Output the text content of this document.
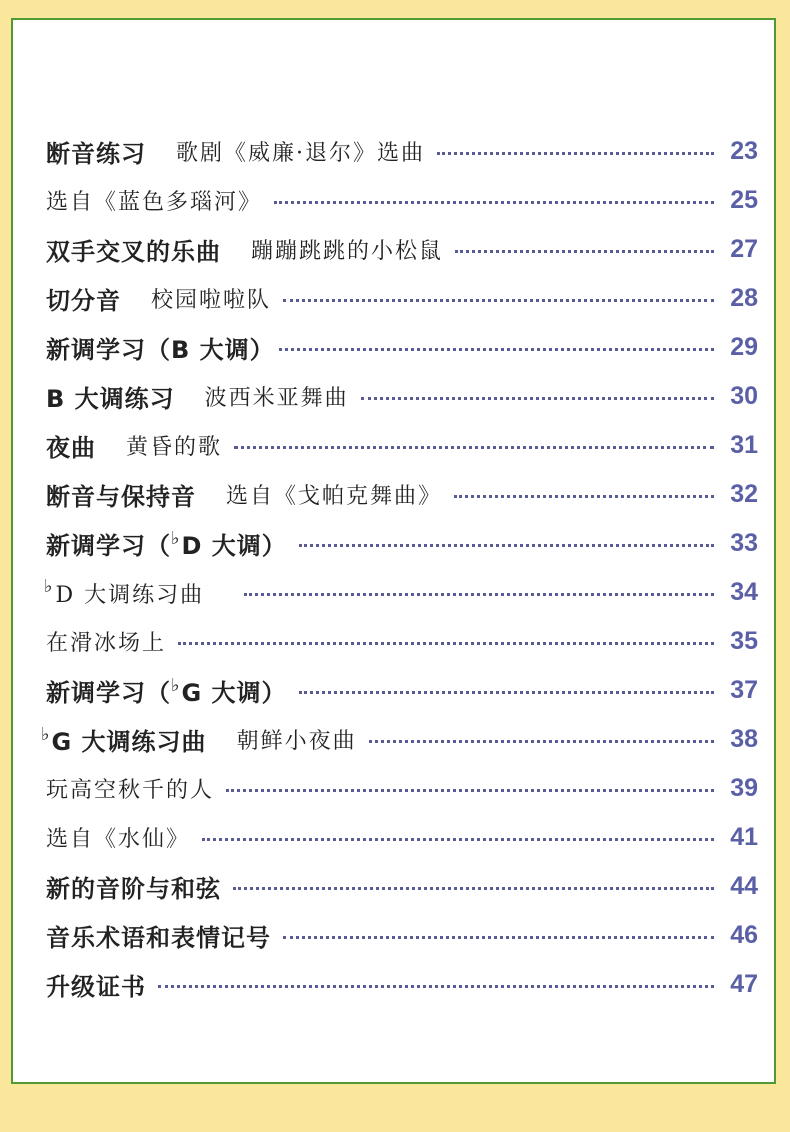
断音练习 歌剧《威廉·退尔》选曲	23
选自《蓝色多瑙河》	25
双手交叉的乐曲 蹦蹦跳跳的小松鼠	27
切分音 校园啦啦队	28
新调学习（B 大调）	29
B 大调练习 波西米亚舞曲	30
夜曲 黄昏的歌	31
断音与保持音 选自《戈帕克舞曲》	32
新调学习（♭D 大调）	33
♭D 大调练习曲	34
在滑冰场上	35
新调学习（♭G 大调）	37
♭G 大调练习曲 朝鲜小夜曲	38
玩高空秋千的人	39
选自《水仙》	41
新的音阶与和弦	44
音乐术语和表情记号	46
升级证书	47
